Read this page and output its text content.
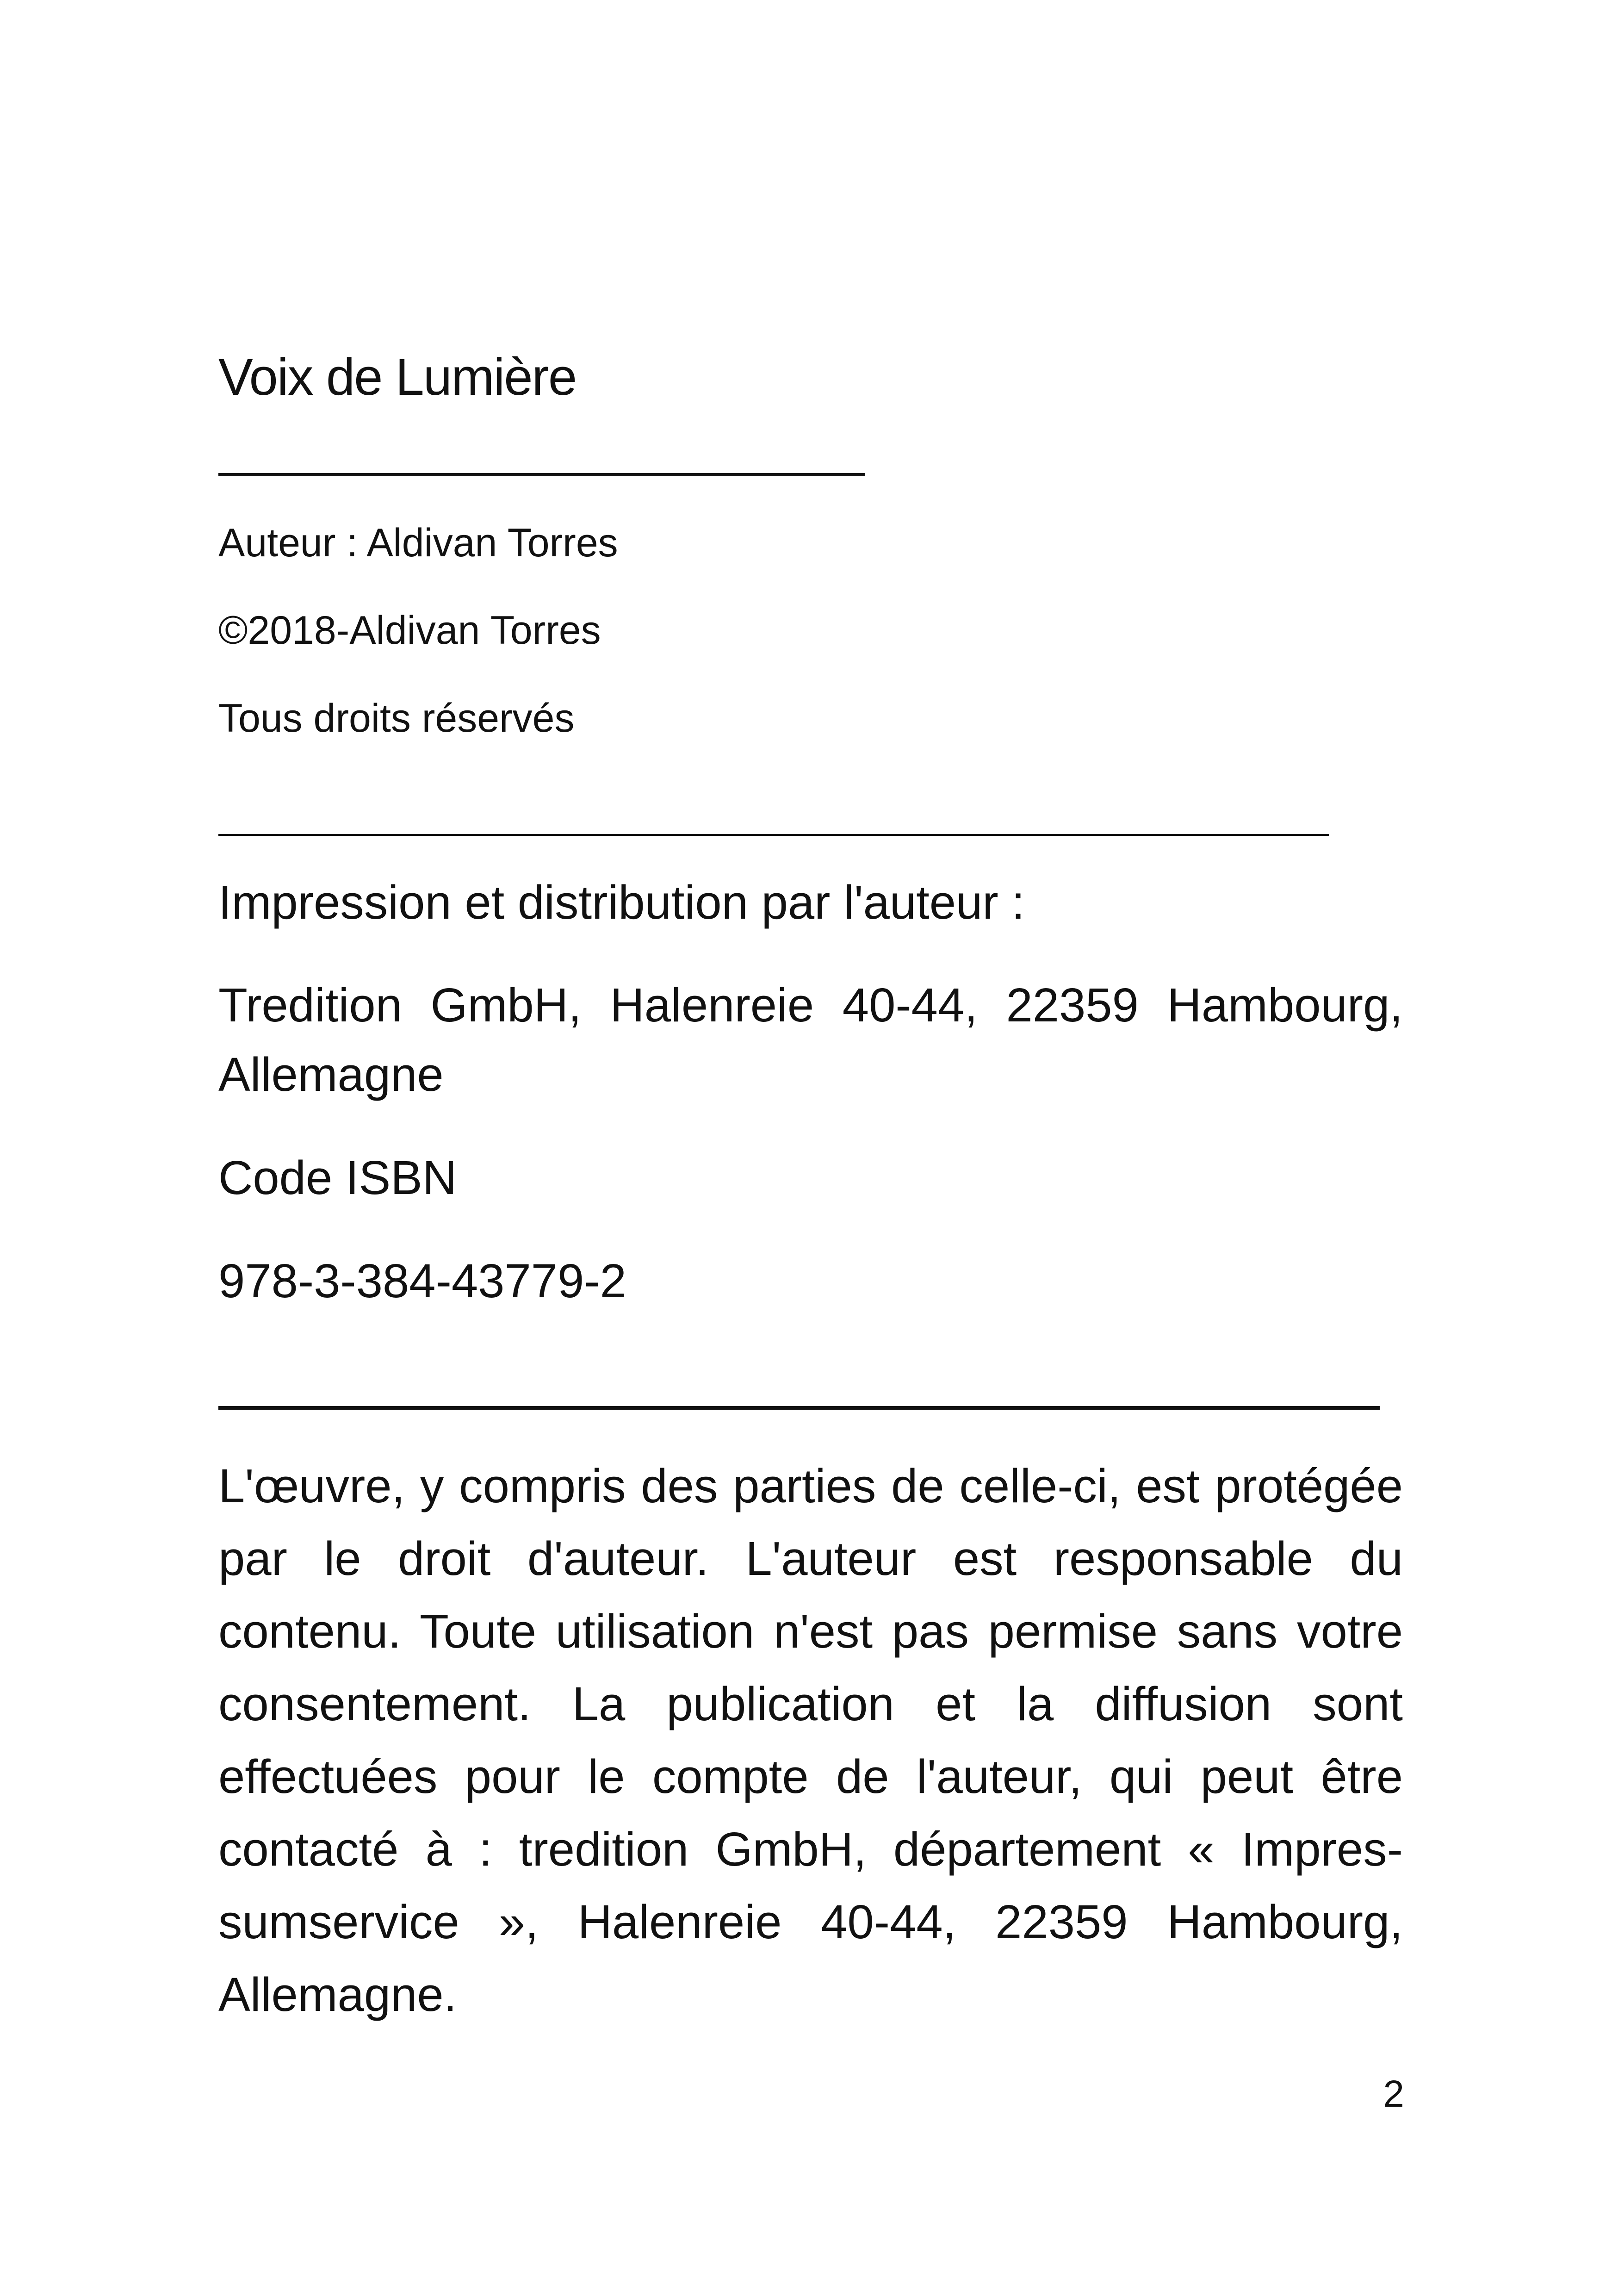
Voix de Lumière
Auteur : Aldivan Torres
©2018-Aldivan Torres
Tous droits réservés
Impression et distribution par l'auteur :
Tredition GmbH, Halenreie 40-44, 22359 Hambourg, Allemagne
Code ISBN
978-3-384-43779-2
L'œuvre, y compris des parties de celle-ci, est protégée par le droit d'auteur. L'auteur est responsable du contenu. Toute utilisation n'est pas permise sans votre consentement. La publication et la diffusion sont effectuées pour le compte de l'auteur, qui peut être contacté à : tredition GmbH, département « Impres-sumservice », Halenreie 40-44, 22359 Hambourg, Allemagne.
2
